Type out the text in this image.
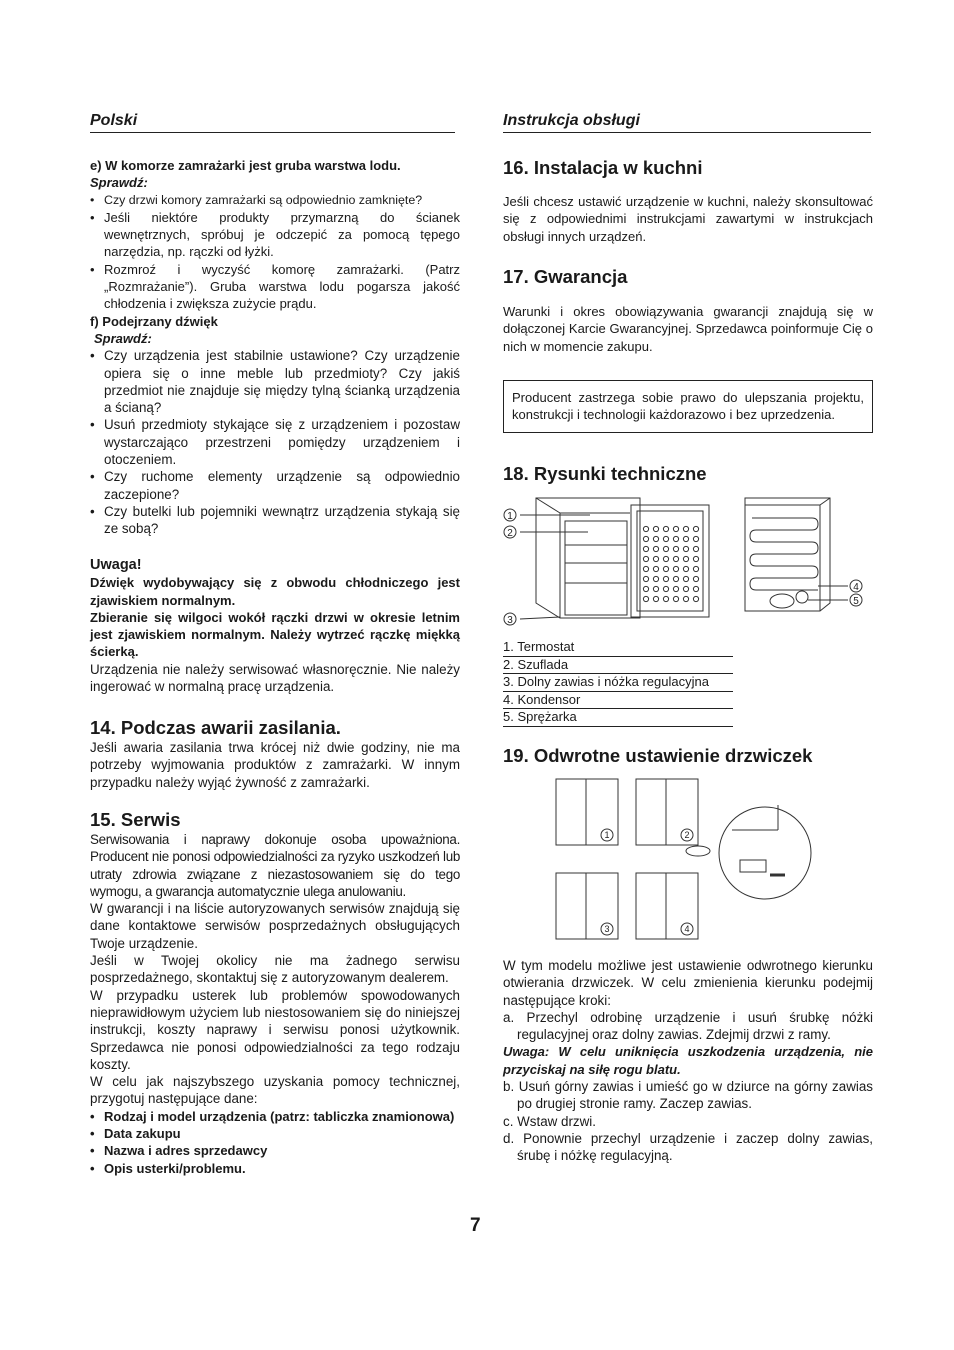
Polski	Instrukcja obsługi
e) W komorze zamrażarki jest gruba warstwa lodu.
Sprawdź:
• Czy drzwi komory zamrażarki są odpowiednio zamknięte?
• Jeśli niektóre produkty przymarzną do ścianek wewnętrznych, spróbuj je odczepić za pomocą tępego narzędzia, np. rączki od łyżki.
• Rozmroź i wyczyść komorę zamrażarki. (Patrz „Rozmrażanie”). Gruba warstwa lodu pogarsza jakość chłodzenia i zwiększa zużycie prądu.
f) Podejrzany dźwięk
Sprawdź:
• Czy urządzenia jest stabilnie ustawione? Czy urządzenie opiera się o inne meble lub przedmioty? Czy jakiś przedmiot nie znajduje się między tylną ścianką urządzenia a ścianą?
• Usuń przedmioty stykające się z urządzeniem i pozostaw wystarczająco przestrzeni pomiędzy urządzeniem i otoczeniem.
• Czy ruchome elementy urządzenie są odpowiednio zaczepione?
• Czy butelki lub pojemniki wewnątrz urządzenia stykają się ze sobą?
Uwaga!

Dźwięk wydobywający się z obwodu chłodniczego jest zjawiskiem normalnym.

Zbieranie się wilgoci wokół rączki drzwi w okresie letnim jest zjawiskiem normalnym. Należy wytrzeć rączkę miękką ścierką.

Urządzenia nie należy serwisować własnoręcznie. Nie należy ingerować w normalną pracę urządzenia.

14. Podczas awarii zasilania.

Jeśli awaria zasilania trwa krócej niż dwie godziny, nie ma potrzeby wyjmowania produktów z zamrażarki. W innym przypadku należy wyjąć żywność z zamrażarki.

15. Serwis

Serwisowania i naprawy dokonuje osoba upoważniona. Producent nie ponosi odpowiedzialności za ryzyko uszkodzeń lub utraty zdrowia związane z niezastosowaniem się do tego wymogu, a gwarancja automatycznie ulega anulowaniu.

W gwarancji i na liście autoryzowanych serwisów znajdują się dane kontaktowe serwisów posprzedażnych obsługujących Twoje urządzenie.

Jeśli w Twojej okolicy nie ma żadnego serwisu posprzedażnego, skontaktuj się z autoryzowanym dealerem.

W przypadku usterek lub problemów spowodowanych nieprawidłowym użyciem lub niestosowaniem się do niniejszej instrukcji, koszty naprawy i serwisu ponosi użytkownik. Sprzedawca nie ponosi odpowiedzialności za tego rodzaju koszty.

W celu jak najszybszego uzyskania pomocy technicznej, przygotuj następujące dane:

• Rodzaj i model urządzenia (patrz: tabliczka znamionowa)
• Data zakupu
• Nazwa i adres sprzedawcy
• Opis usterki/problemu.
16. Instalacja w kuchni

Jeśli chcesz ustawić urządzenie w kuchni, należy skonsultować się z odpowiednimi instrukcjami zawartymi w instrukcjach obsługi innych urządzeń.

17. Gwarancja

Warunki i okres obowiązywania gwarancji znajdują się w dołączonej Karcie Gwarancyjnej. Sprzedawca poinformuje Cię o nich w momencie zakupu.

Producent zastrzega sobie prawo do ulepszania projektu, konstrukcji i technologii każdorazowo i bez uprzedzenia.

18. Rysunki techniczne
1
2
3
4
5
1. Termostat
2. Szuflada
3. Dolny zawias i nóżka regulacyjna
4. Kondensor
5. Sprężarka
19. Odwrotne ustawienie drzwiczek
1	2
3	4

W tym modelu możliwe jest ustawienie odwrotnego kierunku otwierania drzwiczek. W celu zmienienia kierunku podejmij następujące kroki:

a. Przechyl odrobinę urządzenie i usuń śrubkę nóżki regulacyjnej oraz dolny zawias. Zdejmij drzwi z ramy.

Uwaga: W celu uniknięcia uszkodzenia urządzenia, nie przyciskaj na siłę rogu blatu.

b. Usuń górny zawias i umieść go w dziurce na górny zawias po drugiej stronie ramy. Zaczep zawias.
c. Wstaw drzwi.
d. Ponownie przechyl urządzenie i zaczep dolny zawias, śrubę i nóżkę regulacyjną.
7
